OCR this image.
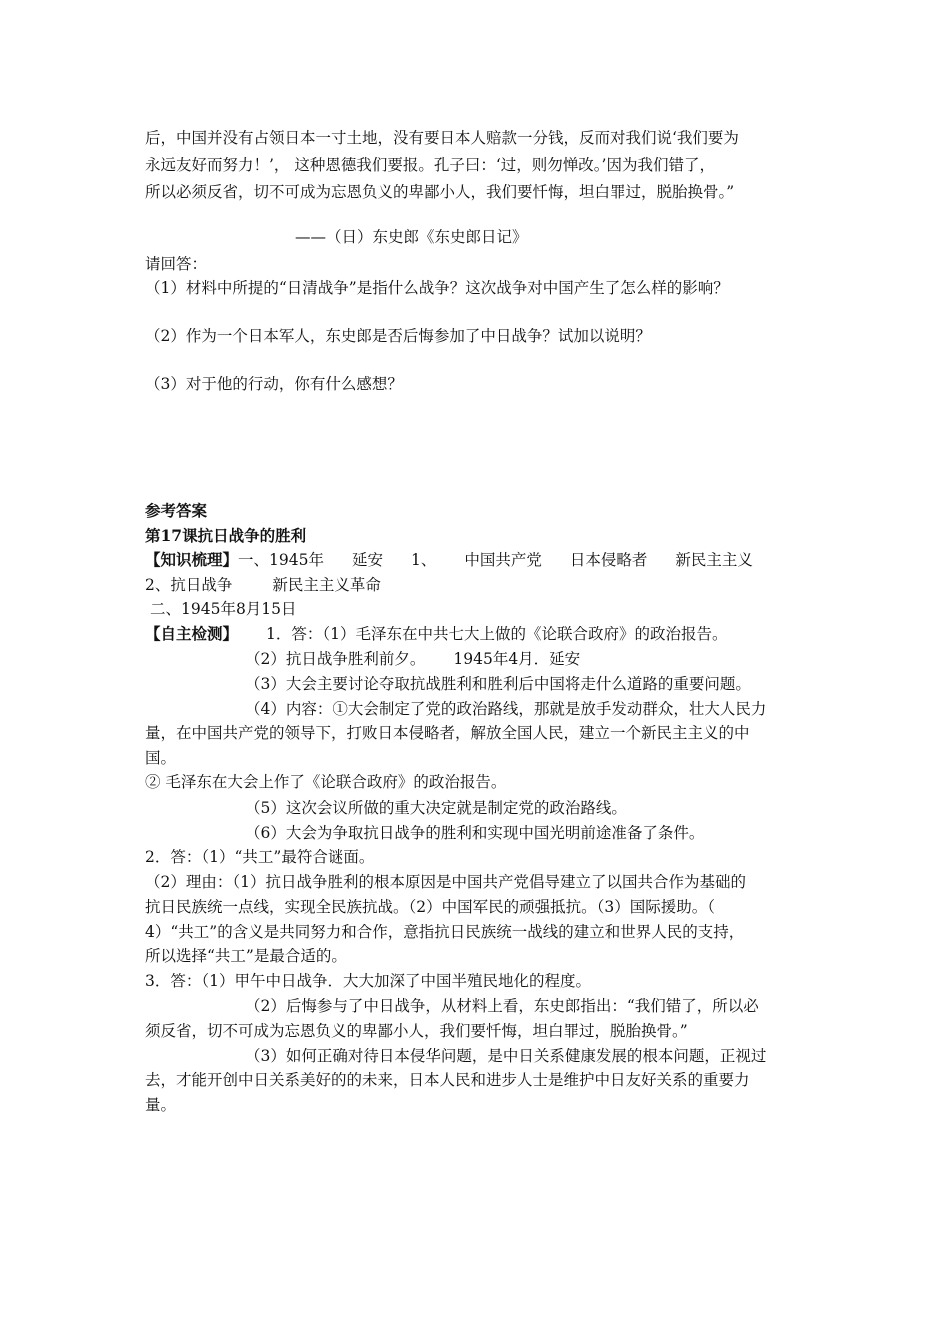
后，中国并没有占领日本一寸土地，没有要日本人赔款一分钱，反而对我们说‘我们要为
永远友好而努力！’， 这种恩德我们要报。孔子曰：‘过，则勿惮改。’因为我们错了，
所以必须反省，切不可成为忘恩负义的卑鄙小人，我们要忏悔，坦白罪过，脱胎换骨。”
——（日）东史郎《东史郎日记》
请回答：
（1）材料中所提的“日清战争”是指什么战争？这次战争对中国产生了怎么样的影响？
（2）作为一个日本军人，东史郎是否后悔参加了中日战争？试加以说明？
（3）对于他的行动，你有什么感想？
参考答案
第17课抗日战争的胜利
【知识梳理】一、1945年 延安 1、 中国共产党 日本侵略者 新民主主义
2、抗日战争	新民主主义革命
二、1945年8月15日
【自主检测】 1．答：（1）毛泽东在中共七大上做的《论联合政府》的政治报告。
（2）抗日战争胜利前夕。 1945年4月．延安
（3）大会主要讨论夺取抗战胜利和胜利后中国将走什么道路的重要问题。
（4）内容：①大会制定了党的政治路线，那就是放手发动群众，壮大人民力
量，在中国共产党的领导下，打败日本侵略者，解放全国人民，建立一个新民主主义的中
国。
② 毛泽东在大会上作了《论联合政府》的政治报告。
（5）这次会议所做的重大决定就是制定党的政治路线。
（6）大会为争取抗日战争的胜利和实现中国光明前途准备了条件。
2．答：（1）“共工”最符合谜面。
（2）理由：（1）抗日战争胜利的根本原因是中国共产党倡导建立了以国共合作为基础的
抗日民族统一点线，实现全民族抗战。（2）中国军民的顽强抵抗。（3）国际援助。（
4）“共工”的含义是共同努力和合作，意指抗日民族统一战线的建立和世界人民的支持，
所以选择“共工”是最合适的。
3．答：（1）甲午中日战争．大大加深了中国半殖民地化的程度。
（2）后悔参与了中日战争，从材料上看，东史郎指出：“我们错了，所以必
须反省，切不可成为忘恩负义的卑鄙小人，我们要忏悔，坦白罪过，脱胎换骨。”
（3）如何正确对待日本侵华问题，是中日关系健康发展的根本问题，正视过
去，才能开创中日关系美好的的未来，日本人民和进步人士是维护中日友好关系的重要力
量。
